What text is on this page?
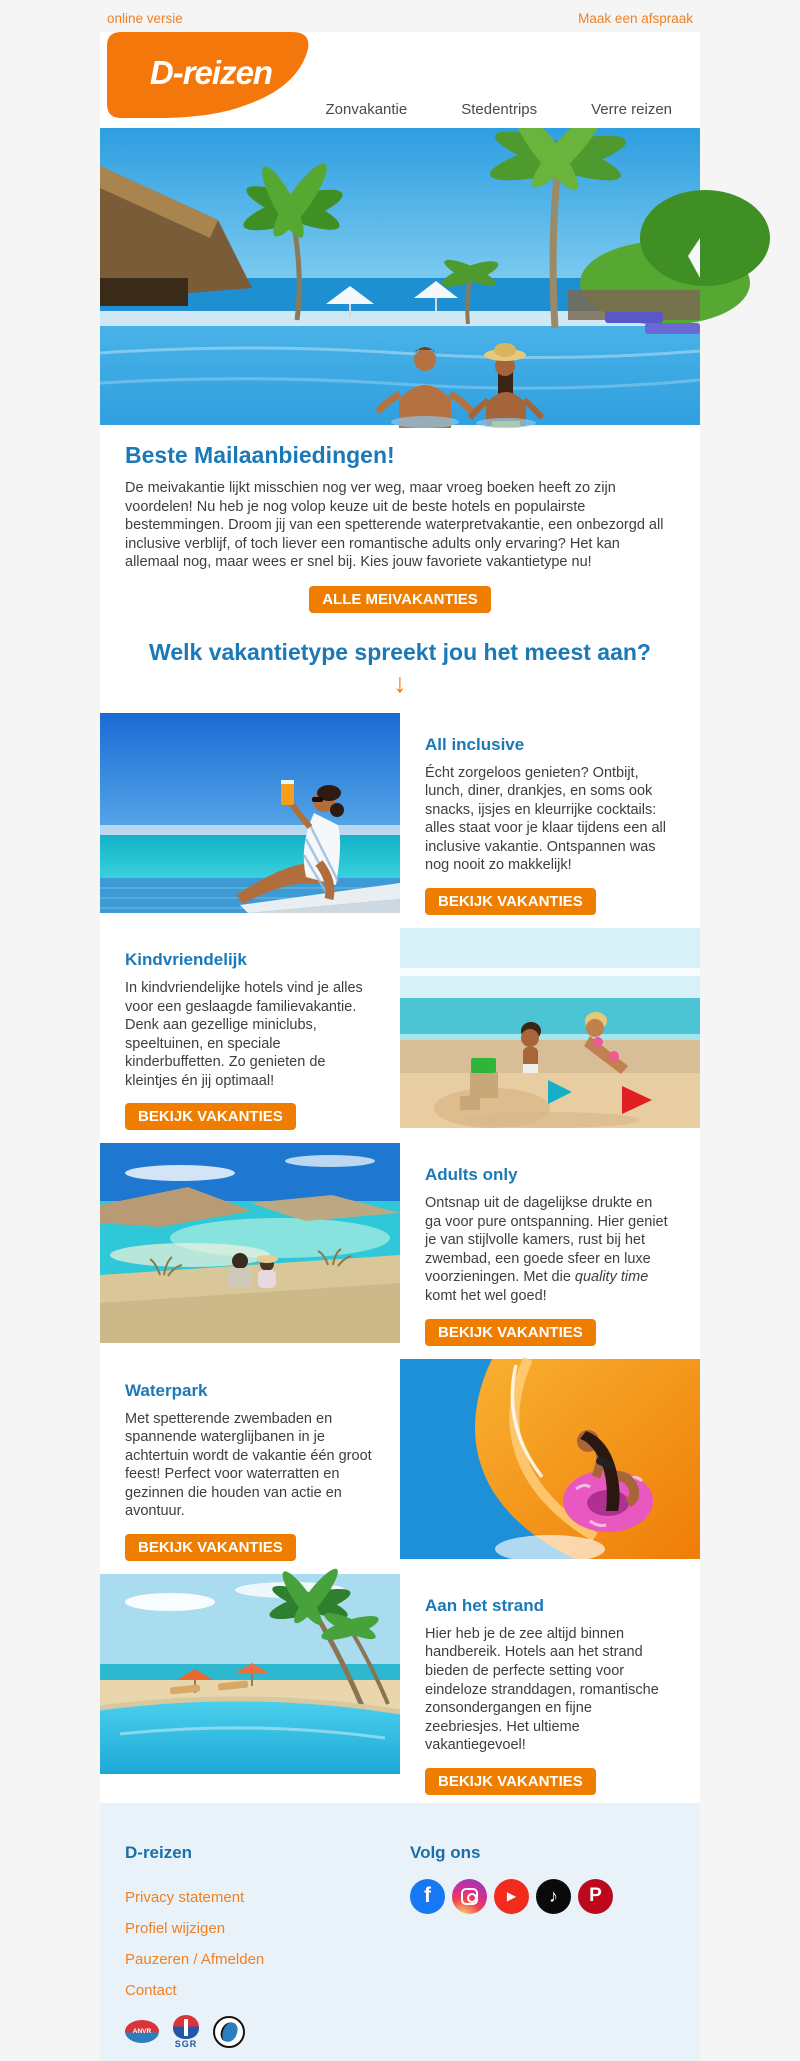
online versie	Maak een afspraak
D-reizen
Zonvakantie	Stedentrips	Verre reizen
Beste Mailaanbiedingen!

De meivakantie lijkt misschien nog ver weg, maar vroeg boeken heeft zo zijn voordelen! Nu heb je nog volop keuze uit de beste hotels en populairste bestemmingen. Droom jij van een spetterende waterpretvakantie, een onbezorgd all inclusive verblijf, of toch liever een romantische adults only ervaring? Het kan allemaal nog, maar wees er snel bij. Kies jouw favoriete vakantietype nu!

ALLE MEIVAKANTIES
Welk vakantietype spreekt jou het meest aan?
↓
All inclusive

Écht zorgeloos genieten? Ontbijt, lunch, diner, drankjes, en soms ook snacks, ijsjes en kleurrijke cocktails: alles staat voor je klaar tijdens een all inclusive vakantie. Ontspannen was nog nooit zo makkelijk!

BEKIJK VAKANTIES
Kindvriendelijk

In kindvriendelijke hotels vind je alles voor een geslaagde familievakantie. Denk aan gezellige miniclubs, speeltuinen, en speciale kinderbuffetten. Zo genieten de kleintjes én jij optimaal!

BEKIJK VAKANTIES
Adults only

Ontsnap uit de dagelijkse drukte en ga voor pure ontspanning. Hier geniet je van stijlvolle kamers, rust bij het zwembad, een goede sfeer en luxe voorzieningen. Met die quality time komt het wel goed!

BEKIJK VAKANTIES
Waterpark

Met spetterende zwembaden en spannende waterglijbanen in je achtertuin wordt de vakantie één groot feest! Perfect voor waterratten en gezinnen die houden van actie en avontuur.

BEKIJK VAKANTIES
Aan het strand

Hier heb je de zee altijd binnen handbereik. Hotels aan het strand bieden de perfecte setting voor eindeloze stranddagen, romantische zonsondergangen en fijne zeebriesjes. Het ultieme vakantiegevoel!

BEKIJK VAKANTIES
D-reizen
Privacy statement
Profiel wijzigen
Pauzeren / Afmelden
Contact
ANVR
SGR
Volg ons
f	▶	♪	P
